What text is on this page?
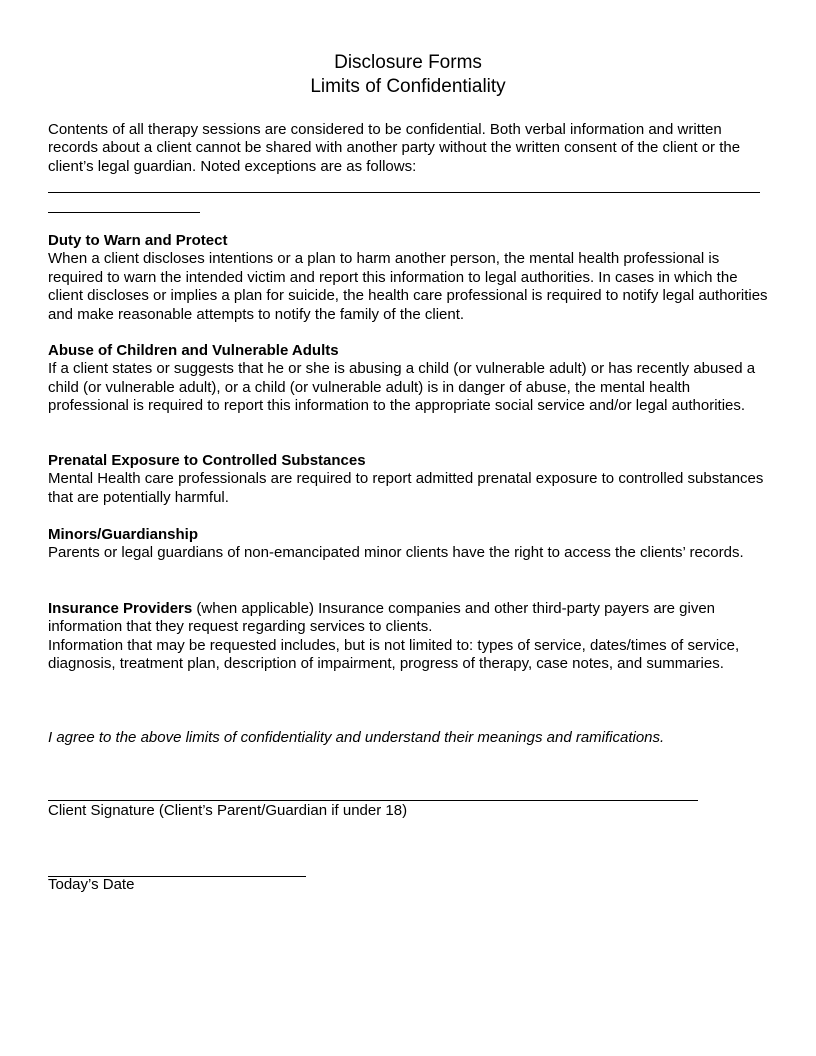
Disclosure Forms
Limits of Confidentiality

Contents of all therapy sessions are considered to be confidential. Both verbal information and written records about a client cannot be shared with another party without the written consent of the client or the client’s legal guardian. Noted exceptions are as follows:

Duty to Warn and Protect
When a client discloses intentions or a plan to harm another person, the mental health professional is required to warn the intended victim and report this information to legal authorities. In cases in which the client discloses or implies a plan for suicide, the health care professional is required to notify legal authorities and make reasonable attempts to notify the family of the client.
Abuse of Children and Vulnerable Adults
If a client states or suggests that he or she is abusing a child (or vulnerable adult) or has recently abused a child (or vulnerable adult), or a child (or vulnerable adult) is in danger of abuse, the mental health professional is required to report this information to the appropriate social service and/or legal authorities.
Prenatal Exposure to Controlled Substances
Mental Health care professionals are required to report admitted prenatal exposure to controlled substances that are potentially harmful.
Minors/Guardianship
Parents or legal guardians of non-emancipated minor clients have the right to access the clients’ records.
Insurance Providers (when applicable) Insurance companies and other third-party payers are given information that they request regarding services to clients.
Information that may be requested includes, but is not limited to: types of service, dates/times of service, diagnosis, treatment plan, description of impairment, progress of therapy, case notes, and summaries.
I agree to the above limits of confidentiality and understand their meanings and ramifications.
Client Signature (Client’s Parent/Guardian if under 18)
Today’s Date
